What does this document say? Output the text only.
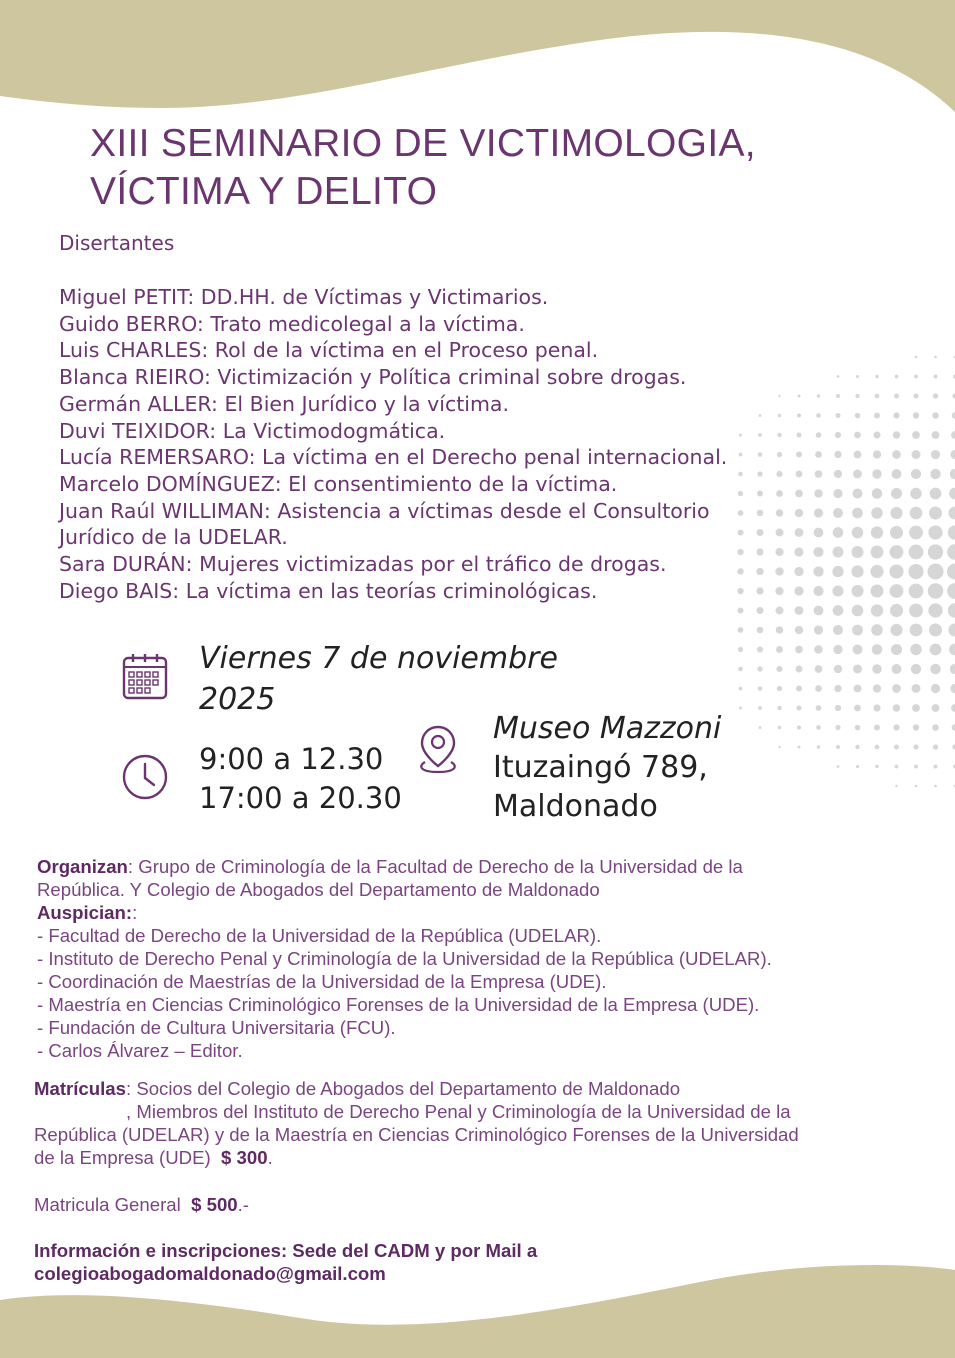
XIII SEMINARIO DE VICTIMOLOGIA,
VÍCTIMA Y DELITO
Disertantes
Miguel PETIT: DD.HH. de Víctimas y Victimarios.
Guido BERRO: Trato medicolegal a la víctima.
Luis CHARLES: Rol de la víctima en el Proceso penal.
Blanca RIEIRO: Victimización y Política criminal sobre drogas.
Germán ALLER: El Bien Jurídico y la víctima.
Duvi TEIXIDOR: La Victimodogmática.
Lucía REMERSARO: La víctima en el Derecho penal internacional.
Marcelo DOMÍNGUEZ: El consentimiento de la víctima.
Juan Raúl WILLIMAN: Asistencia a víctimas desde el Consultorio
Jurídico de la UDELAR.
Sara DURÁN: Mujeres victimizadas por el tráfico de drogas.
Diego BAIS: La víctima en las teorías criminológicas.
Viernes 7 de noviembre
2025
9:00 a 12.30
17:00 a 20.30
Museo Mazzoni
Ituzaingó 789,
Maldonado
Organizan: Grupo de Criminología de la Facultad de Derecho de la Universidad de la
República. Y Colegio de Abogados del Departamento de Maldonado
Auspician::
- Facultad de Derecho de la Universidad de la República (UDELAR).
- Instituto de Derecho Penal y Criminología de la Universidad de la República (UDELAR).
- Coordinación de Maestrías de la Universidad de la Empresa (UDE).
- Maestría en Ciencias Criminológico Forenses de la Universidad de la Empresa (UDE).
- Fundación de Cultura Universitaria (FCU).
- Carlos Álvarez – Editor.
Matrículas: Socios del Colegio de Abogados del Departamento de Maldonado
, Miembros del Instituto de Derecho Penal y Criminología de la Universidad de la
República (UDELAR) y de la Maestría en Ciencias Criminológico Forenses de la Universidad
de la Empresa (UDE) $ 300.
Matricula General $ 500.-
Información e inscripciones: Sede del CADM y por Mail a
colegioabogadomaldonado@gmail.com
